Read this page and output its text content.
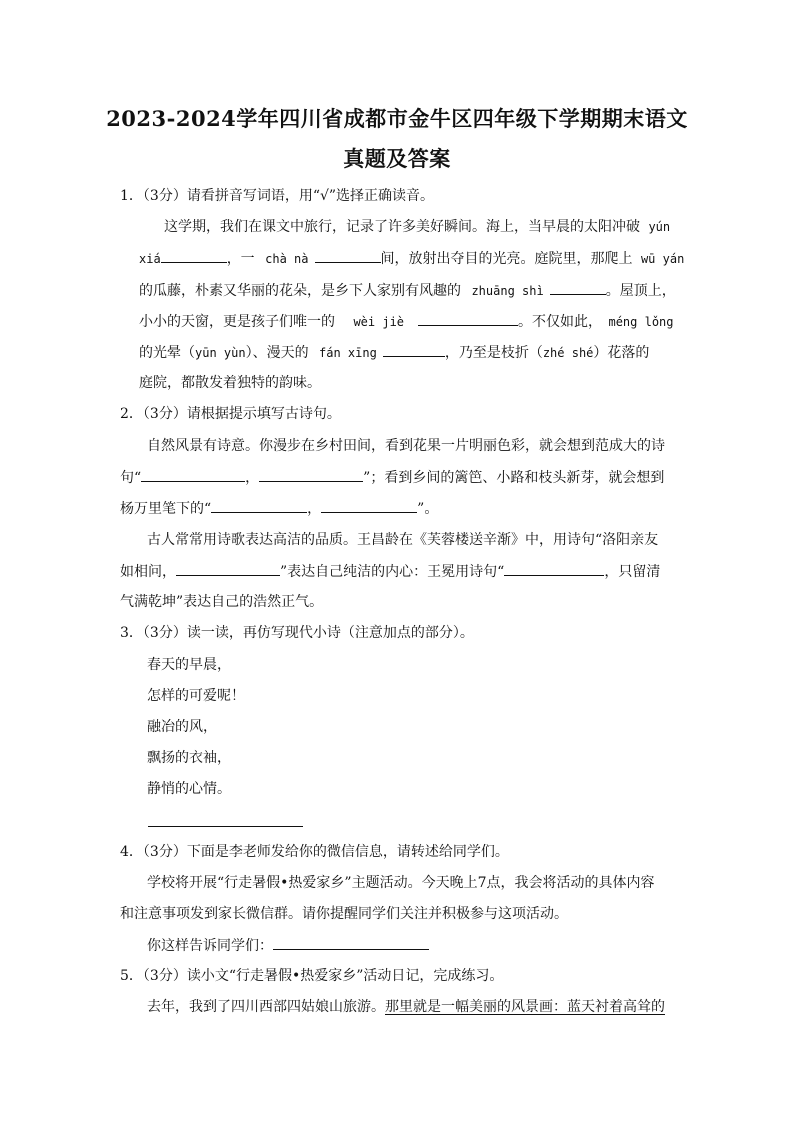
2023-2024学年四川省成都市金牛区四年级下学期期末语文
真题及答案
1．（3分）请看拼音写词语，用“√”选择正确读音。
这学期，我们在课文中旅行，记录了许多美好瞬间。海上，当早晨的太阳冲破 yún
xiá	，一 chà nà	间，放射出夺目的光亮。庭院里，那爬上 wū yán
的瓜藤，朴素又华丽的花朵，是乡下人家别有风趣的 zhuāng shì	。屋顶上，
小小的天窗，更是孩子们唯一的 wèi jiè	。不仅如此， méng lǒng
的光晕（yūn yùn）、漫天的 fán xīng	，乃至是枝折（zhé shé）花落的
庭院，都散发着独特的韵味。
2．（3分）请根据提示填写古诗句。
自然风景有诗意。你漫步在乡村田间，看到花果一片明丽色彩，就会想到范成大的诗
句“	，	”；看到乡间的篱笆、小路和枝头新芽，就会想到
杨万里笔下的“	，	”。
古人常常用诗歌表达高洁的品质。王昌龄在《芙蓉楼送辛渐》中，用诗句“洛阳亲友
如相问，	”表达自己纯洁的内心：王冕用诗句“	，只留清
气满乾坤”表达自己的浩然正气。
3．（3分）读一读，再仿写现代小诗（注意加点的部分）。
春天的早晨，
怎样的可爱呢！
融冶的风，
飘扬的衣袖，
静悄的心情。
4．（3分）下面是李老师发给你的微信信息，请转述给同学们。
学校将开展“行走暑假•热爱家乡”主题活动。今天晚上7点，我会将活动的具体内容
和注意事项发到家长微信群。请你提醒同学们关注并积极参与这项活动。
你这样告诉同学们：
5．（3分）读小文“行走暑假•热爱家乡”活动日记，完成练习。
去年，我到了四川西部四姑娘山旅游。那里就是一幅美丽的风景画：蓝天衬着高耸的
